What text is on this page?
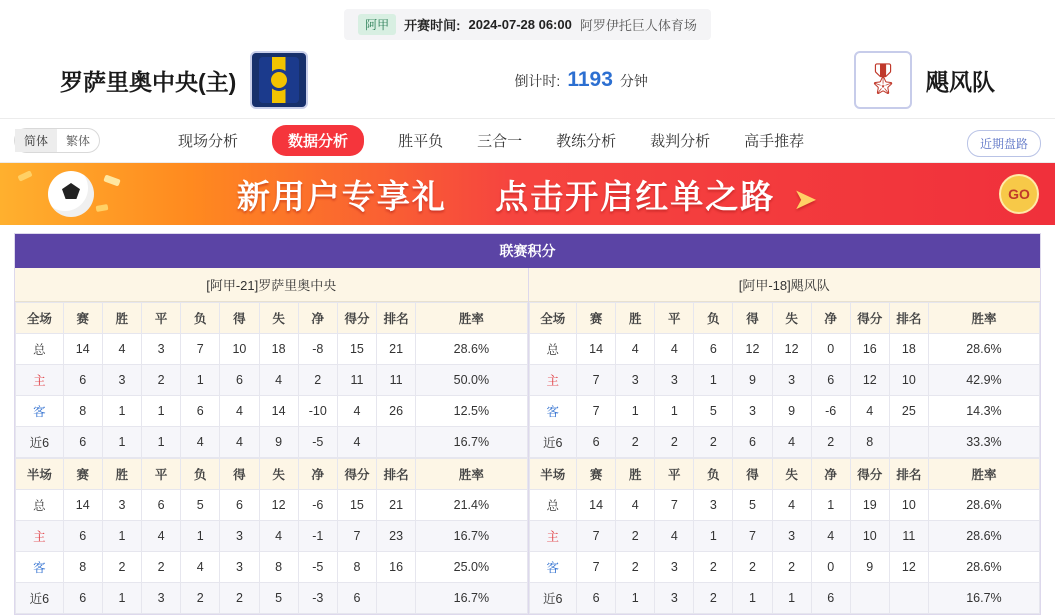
阿甲	开赛时间: 2024-07-28 06:00 阿罗伊托巨人体育场
罗萨里奥中央(主)	倒计时: 1193 分钟	🎖 飓风队
简体	繁体	现场分析	数据分析	胜平负 三合一 教练分析 裁判分析 高手推荐	近期盘路
新用户专享礼 点击开启红单之路 ➤	GO
联赛积分
[阿甲-21]罗萨里奥中央
全场	赛	胜	平	负	得	失	净	得分	排名	胜率
总	14	4	3	7	10	18	-8	15	21	28.6%
主	6	3	2	1	6	4	2	11	11	50.0%
客	8	1	1	6	4	14	-10	4	26	12.5%
近6	6	1	1	4	4	9	-5	4		16.7%
半场	赛	胜	平	负	得	失	净	得分	排名	胜率
总	14	3	6	5	6	12	-6	15	21	21.4%
主	6	1	4	1	3	4	-1	7	23	16.7%
客	8	2	2	4	3	8	-5	8	16	25.0%
近6	6	1	3	2	2	5	-3	6		16.7%
[阿甲-18]飓风队
全场	赛	胜	平	负	得	失	净	得分	排名	胜率
总	14	4	4	6	12	12	0	16	18	28.6%
主	7	3	3	1	9	3	6	12	10	42.9%
客	7	1	1	5	3	9	-6	4	25	14.3%
近6	6	2	2	2	6	4	2	8		33.3%
半场	赛	胜	平	负	得	失	净	得分	排名	胜率
总	14	4	7	3	5	4	1	19	10	28.6%
主	7	2	4	1	7	3	4	10	11	28.6%
客	7	2	3	2	2	2	0	9	12	28.6%
近6	6	1	3	2	1	1	6			16.7%
